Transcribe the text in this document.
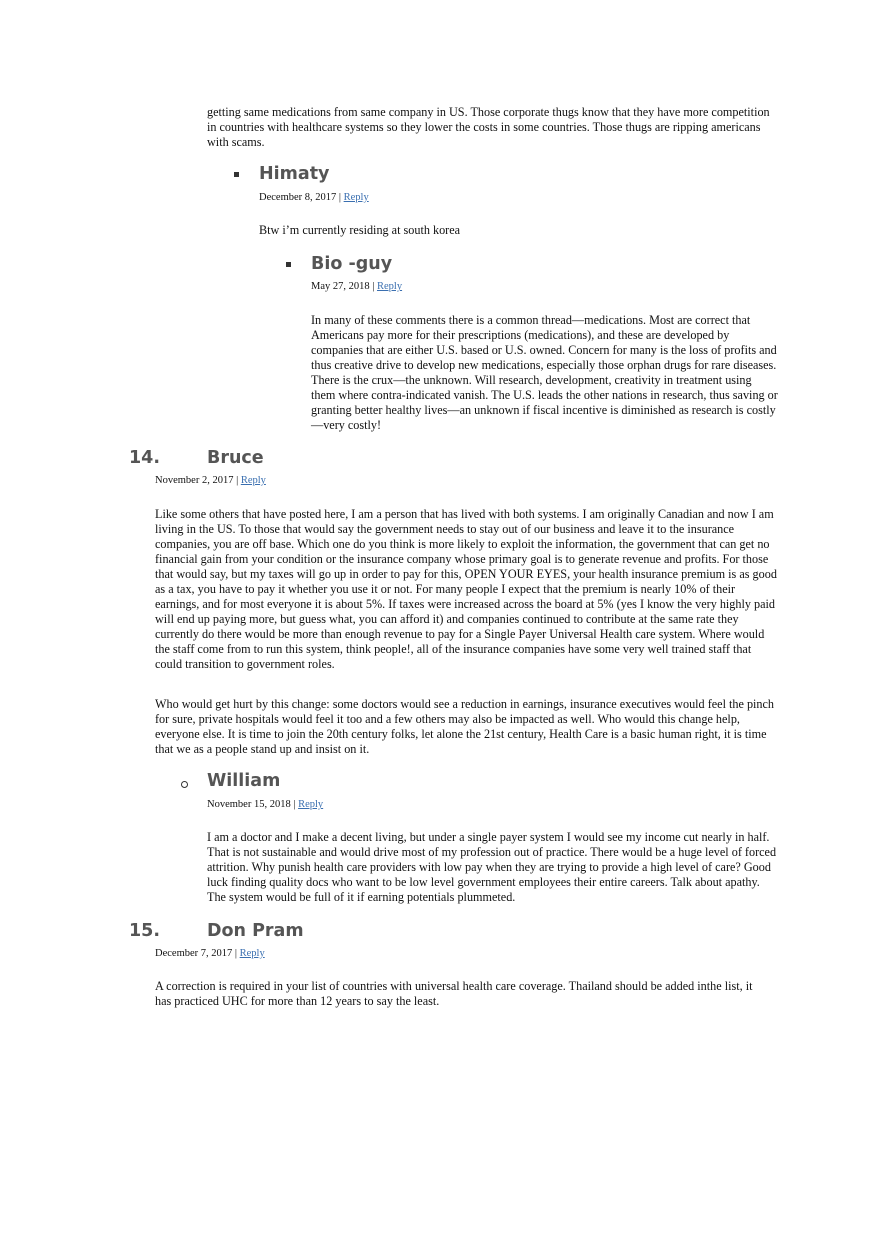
getting same medications from same company in US. Those corporate thugs know that they have more competition in countries with healthcare systems so they lower the costs in some countries. Those thugs are ripping americans with scams.

Himaty
December 8, 2017 | Reply

Btw i’m currently residing at south korea

Bio -guy
May 27, 2018 | Reply

In many of these comments there is a common thread—medications. Most are correct that Americans pay more for their prescriptions (medications), and these are developed by companies that are either U.S. based or U.S. owned. Concern for many is the loss of profits and thus creative drive to develop new medications, especially those orphan drugs for rare diseases. There is the crux—the unknown. Will research, development, creativity in treatment using them where contra-indicated vanish. The U.S. leads the other nations in research, thus saving or granting better healthy lives—an unknown if fiscal incentive is diminished as research is costly—very costly!

14.	Bruce
November 2, 2017 | Reply

Like some others that have posted here, I am a person that has lived with both systems. I am originally Canadian and now I am living in the US. To those that would say the government needs to stay out of our business and leave it to the insurance companies, you are off base. Which one do you think is more likely to exploit the information, the government that can get no financial gain from your condition or the insurance company whose primary goal is to generate revenue and profits. For those that would say, but my taxes will go up in order to pay for this, OPEN YOUR EYES, your health insurance premium is as good as a tax, you have to pay it whether you use it or not. For many people I expect that the premium is nearly 10% of their earnings, and for most everyone it is about 5%. If taxes were increased across the board at 5% (yes I know the very highly paid will end up paying more, but guess what, you can afford it) and companies continued to contribute at the same rate they currently do there would be more than enough revenue to pay for a Single Payer Universal Health care system. Where would the staff come from to run this system, think people!, all of the insurance companies have some very well trained staff that could transition to government roles.

Who would get hurt by this change: some doctors would see a reduction in earnings, insurance executives would feel the pinch for sure, private hospitals would feel it too and a few others may also be impacted as well. Who would this change help, everyone else. It is time to join the 20th century folks, let alone the 21st century, Health Care is a basic human right, it is time that we as a people stand up and insist on it.

William
November 15, 2018 | Reply

I am a doctor and I make a decent living, but under a single payer system I would see my income cut nearly in half. That is not sustainable and would drive most of my profession out of practice. There would be a huge level of forced attrition. Why punish health care providers with low pay when they are trying to provide a high level of care? Good luck finding quality docs who want to be low level government employees their entire careers. Talk about apathy. The system would be full of it if earning potentials plummeted.

15.	Don Pram
December 7, 2017 | Reply

A correction is required in your list of countries with universal health care coverage. Thailand should be added inthe list, it has practiced UHC for more than 12 years to say the least.
